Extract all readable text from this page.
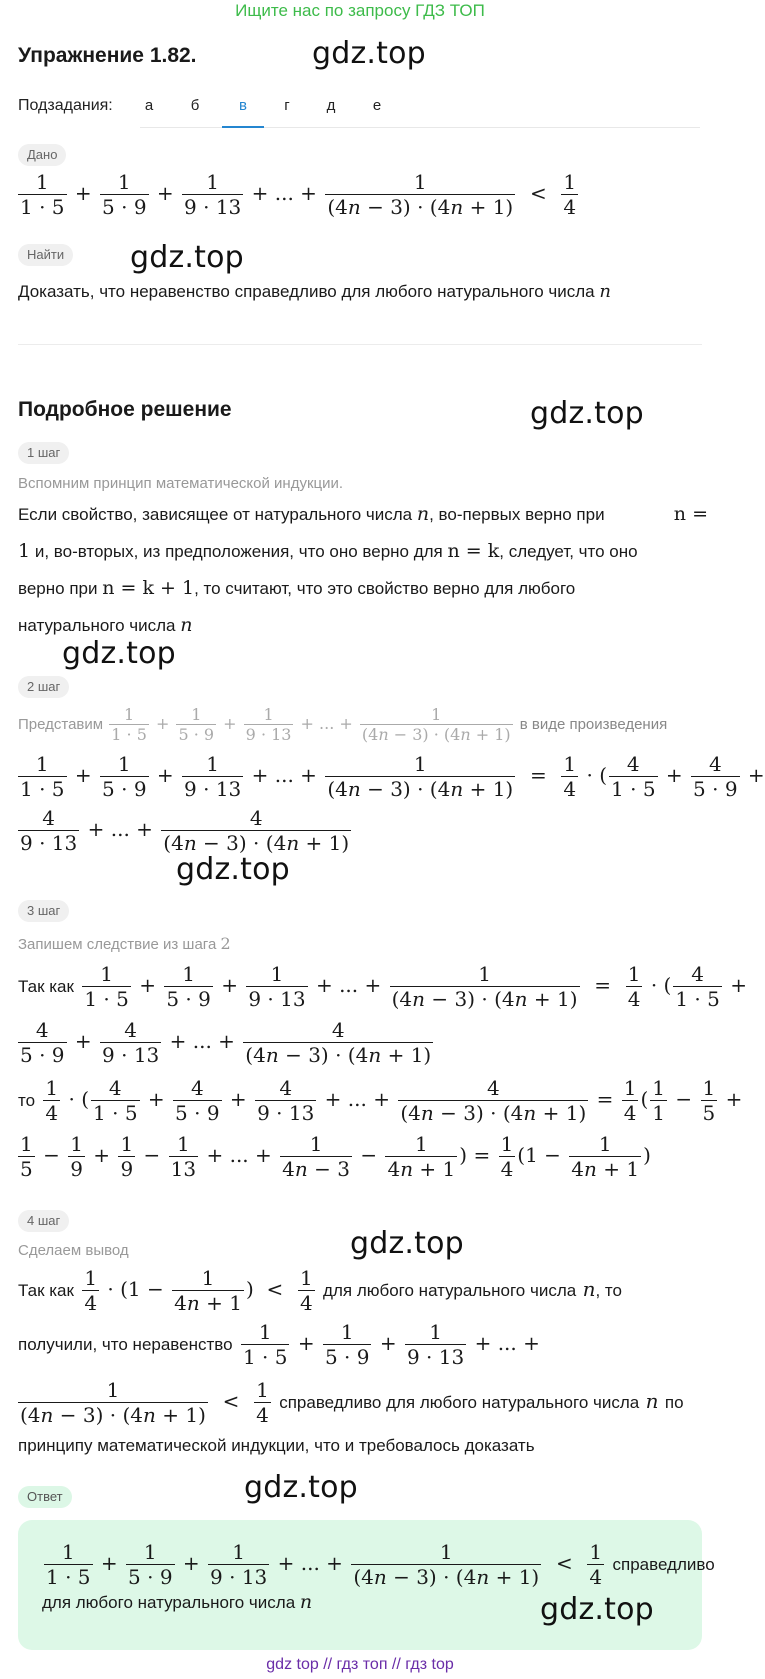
Ищите нас по запросу ГДЗ ТОП
Упражнение 1.82.	gdz.top
Подзадания:	а	б	в	г	д	е
Дано
$\frac{1}{1 \cdot 5} + \frac{1}{5 \cdot 9} + \frac{1}{9 \cdot 13}$ + ... + $\frac{1}{(4n - 3) \cdot (4n + 1)} < \frac{1}{4}$
Найти	gdz.top
Доказать, что неравенство справедливо для любого натурального числа n
Подробное решение	gdz.top
1 шаг
Вспомним принцип математической индукции.
Если свойство, зависящее от натурального числа n, во-первых верно при	n =

1 и, во-вторых, из предположения, что оно верно для n = k, следует, что оно
верно при n = k + 1, то считают, что это свойство верно для любого
натурального числа n
gdz.top
2 шаг
Представим $\frac{1}{1 \cdot 5} + \frac{1}{5 \cdot 9} + \frac{1}{9 \cdot 13}$ + ... + $\frac{1}{(4n - 3) \cdot (4n + 1)}$ в виде произведения
$\frac{1}{1 \cdot 5} + \frac{1}{5 \cdot 9} + \frac{1}{9 \cdot 13}$ + ... + $\frac{1}{(4n - 3) \cdot (4n + 1)} = \frac{1}{4}$ · ( $\frac{4}{1 \cdot 5} + \frac{4}{5 \cdot 9}$ +
$\frac{4}{9 \cdot 13}$ + ... + $\frac{4}{(4n - 3) \cdot (4n + 1)}$
gdz.top
3 шаг
Запишем следствие из шага 2
Так как $\frac{1}{1 \cdot 5} + \frac{1}{5 \cdot 9} + \frac{1}{9 \cdot 13}$ + ... + $\frac{1}{(4n - 3) \cdot (4n + 1)} = \frac{1}{4}$ · ( $\frac{4}{1 \cdot 5}$ +
$\frac{4}{5 \cdot 9} + \frac{4}{9 \cdot 13}$ + ... + $\frac{4}{(4n - 3) \cdot (4n + 1)}$
то $\frac{1}{4}$ · ( $\frac{4}{1 \cdot 5} + \frac{4}{5 \cdot 9} + \frac{4}{9 \cdot 13}$ + ... + $\frac{4}{(4n - 3) \cdot (4n + 1)} = \frac{1}{4}$ ( $\frac{1}{1} - \frac{1}{5}$ +
$\frac{1}{5} - \frac{1}{9} + \frac{1}{9} - \frac{1}{13}$ + ... + $\frac{1}{4n - 3} - \frac{1}{4n + 1}$ ) = $\frac{1}{4} (1 - \frac{1}{4n + 1}$ )
4 шаг
Сделаем вывод	gdz.top
Так как $\frac{1}{4} \cdot (1 - \frac{1}{4n + 1}$ )  < $\frac{1}{4}$ для любого натурального числа n, то
получили, что неравенство $\frac{1}{1 \cdot 5} + \frac{1}{5 \cdot 9} + \frac{1}{9 \cdot 13}$ + ... +
$\frac{1}{(4n - 3) \cdot (4n + 1)} < \frac{1}{4}$ справедливо для любого натурального числа n по
принципу математической индукции, что и требовалось доказать
Ответ	gdz.top
$\frac{1}{1 \cdot 5} + \frac{1}{5 \cdot 9} + \frac{1}{9 \cdot 13}$ + ... + $\frac{1}{(4n - 3) \cdot (4n + 1)} < \frac{1}{4}$ справедливо
для любого натурального числа n	gdz.top
gdz top // гдз топ // гдз top
